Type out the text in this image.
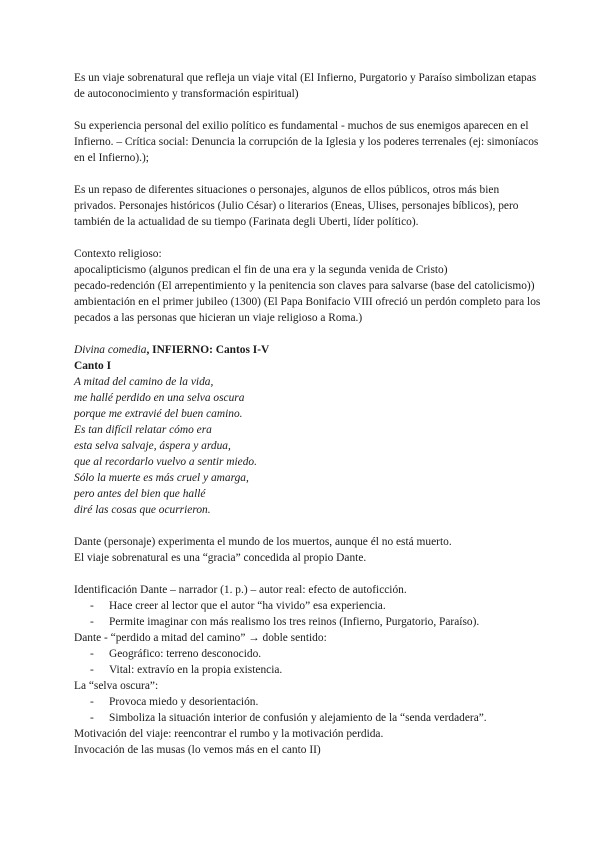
Es un viaje sobrenatural que refleja un viaje vital (El Infierno, Purgatorio y Paraíso simbolizan etapas de autoconocimiento y transformación espiritual)

Su experiencia personal del exilio político es fundamental - muchos de sus enemigos aparecen en el Infierno. – Crítica social: Denuncia la corrupción de la Iglesia y los poderes terrenales (ej: simoníacos en el Infierno).);

Es un repaso de diferentes situaciones o personajes, algunos de ellos públicos, otros más bien privados. Personajes históricos (Julio César) o literarios (Eneas, Ulises, personajes bíblicos), pero también de la actualidad de su tiempo (Farinata degli Uberti, líder político).

Contexto religioso:

apocalipticismo (algunos predican el fin de una era y la segunda venida de Cristo)

pecado-redención (El arrepentimiento y la penitencia son claves para salvarse (base del catolicismo))

ambientación en el primer jubileo (1300) (El Papa Bonifacio VIII ofreció un perdón completo para los pecados a las personas que hicieran un viaje religioso a Roma.)

Divina comedia, INFIERNO: Cantos I-V

Canto I

A mitad del camino de la vida,

me hallé perdido en una selva oscura

porque me extravié del buen camino.

Es tan difícil relatar cómo era

esta selva salvaje, áspera y ardua,

que al recordarlo vuelvo a sentir miedo.

Sólo la muerte es más cruel y amarga,

pero antes del bien que hallé

diré las cosas que ocurrieron.

Dante (personaje) experimenta el mundo de los muertos, aunque él no está muerto.

El viaje sobrenatural es una “gracia” concedida al propio Dante.

Identificación Dante – narrador (1. p.) – autor real: efecto de autoficción.

- Hace creer al lector que el autor “ha vivido” esa experiencia.

- Permite imaginar con más realismo los tres reinos (Infierno, Purgatorio, Paraíso).

Dante - “perdido a mitad del camino” → doble sentido:

- Geográfico: terreno desconocido.

- Vital: extravío en la propia existencia.

La “selva oscura”:

- Provoca miedo y desorientación.

- Simboliza la situación interior de confusión y alejamiento de la “senda verdadera”.

Motivación del viaje: reencontrar el rumbo y la motivación perdida.

Invocación de las musas (lo vemos más en el canto II)
